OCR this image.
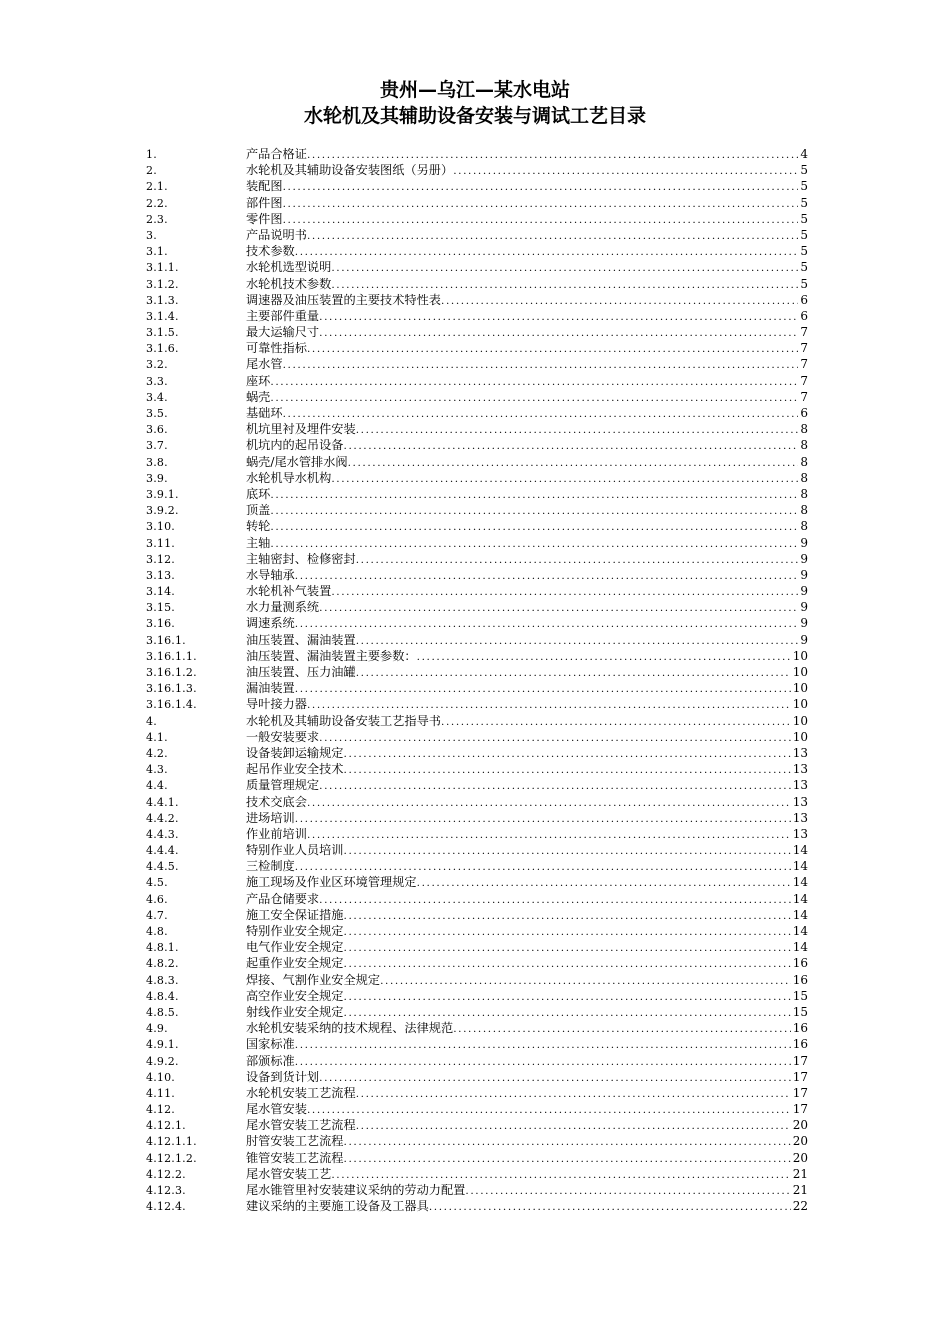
贵州—乌江—某水电站
水轮机及其辅助设备安装与调试工艺目录
1.	产品合格证 .....	4
2.	水轮机及其辅助设备安装图纸（另册） .....	5
2.1.	装配图 .....	5
2.2.	部件图 .....	5
2.3.	零件图 .....	5
3.	产品说明书 .....	5
3.1.	技术参数 .....	5
3.1.1.	水轮机选型说明 .....	5
3.1.2.	水轮机技术参数 .....	5
3.1.3.	调速器及油压装置的主要技术特性表 .....	6
3.1.4.	主要部件重量 .....	6
3.1.5.	最大运输尺寸 .....	7
3.1.6.	可靠性指标 .....	7
3.2.	尾水管 .....	7
3.3.	座环 .....	7
3.4.	蜗壳 .....	7
3.5.	基础环 .....	6
3.6.	机坑里衬及埋件安装 .....	8
3.7.	机坑内的起吊设备 .....	8
3.8.	蜗壳/尾水管排水阀 .....	8
3.9.	水轮机导水机构 .....	8
3.9.1.	底环 .....	8
3.9.2.	顶盖 .....	8
3.10.	转轮 .....	8
3.11.	主轴 .....	9
3.12.	主轴密封、检修密封 .....	9
3.13.	水导轴承 .....	9
3.14.	水轮机补气装置 .....	9
3.15.	水力量测系统 .....	9
3.16.	调速系统 .....	9
3.16.1.	油压装置、漏油装置 .....	9
3.16.1.1.	油压装置、漏油装置主要参数： .....	10
3.16.1.2.	油压装置、压力油罐 .....	10
3.16.1.3.	漏油装置 .....	10
3.16.1.4.	导叶接力器 .....	10
4.	水轮机及其辅助设备安装工艺指导书 .....	10
4.1.	一般安装要求 .....	10
4.2.	设备装卸运输规定 .....	13
4.3.	起吊作业安全技术 .....	13
4.4.	质量管理规定 .....	13
4.4.1.	技术交底会 .....	13
4.4.2.	进场培训 .....	13
4.4.3.	作业前培训 .....	13
4.4.4.	特别作业人员培训 .....	14
4.4.5.	三检制度 .....	14
4.5.	施工现场及作业区环境管理规定 .....	14
4.6.	产品仓储要求 .....	14
4.7.	施工安全保证措施 .....	14
4.8.	特别作业安全规定 .....	14
4.8.1.	电气作业安全规定 .....	14
4.8.2.	起重作业安全规定 .....	16
4.8.3.	焊接、气割作业安全规定 .....	16
4.8.4.	高空作业安全规定 .....	15
4.8.5.	射线作业安全规定 .....	15
4.9.	水轮机安装采纳的技术规程、法律规范 .....	16
4.9.1.	国家标准 .....	16
4.9.2.	部颁标准 .....	17
4.10.	设备到货计划 .....	17
4.11.	水轮机安装工艺流程 .....	17
4.12.	尾水管安装 .....	17
4.12.1.	尾水管安装工艺流程 .....	20
4.12.1.1.	肘管安装工艺流程 .....	20
4.12.1.2.	锥管安装工艺流程 .....	20
4.12.2.	尾水管安装工艺 .....	21
4.12.3.	尾水锥管里衬安装建议采纳的劳动力配置 .....	21
4.12.4.	建议采纳的主要施工设备及工器具 .....	22
